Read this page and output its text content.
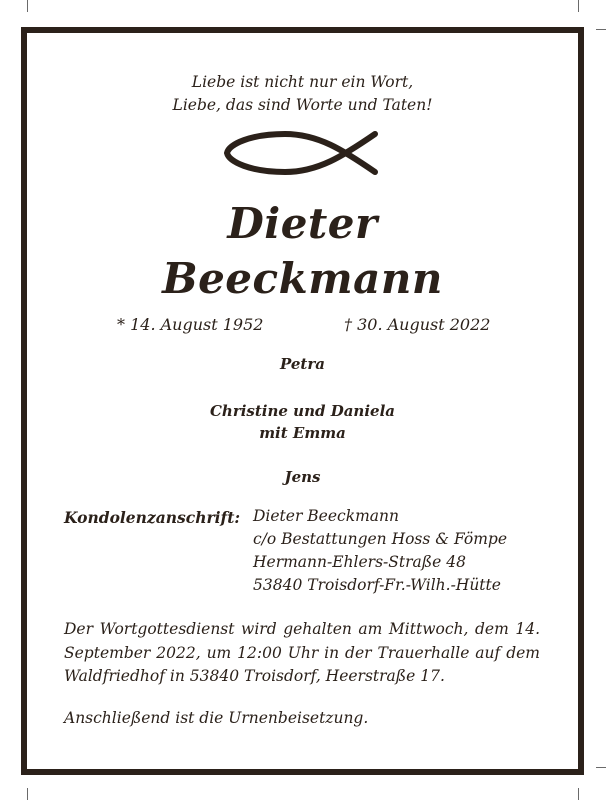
Liebe ist nicht nur ein Wort,
Liebe, das sind Worte und Taten!
Dieter
Beeckmann
* 14. August 1952	† 30. August 2022
Petra
Christine und Daniela
mit Emma
Jens
Kondolenzanschrift: Dieter Beeckmann
c/o Bestattungen Hoss & Fömpe
Hermann-Ehlers-Straße 48
53840 Troisdorf-Fr.-Wilh.-Hütte
Der Wortgottesdienst wird gehalten am Mittwoch, dem 14. September 2022, um 12:00 Uhr in der Trauerhalle auf dem Waldfriedhof in 53840 Troisdorf, Heerstraße 17.
Anschließend ist die Urnenbeisetzung.
